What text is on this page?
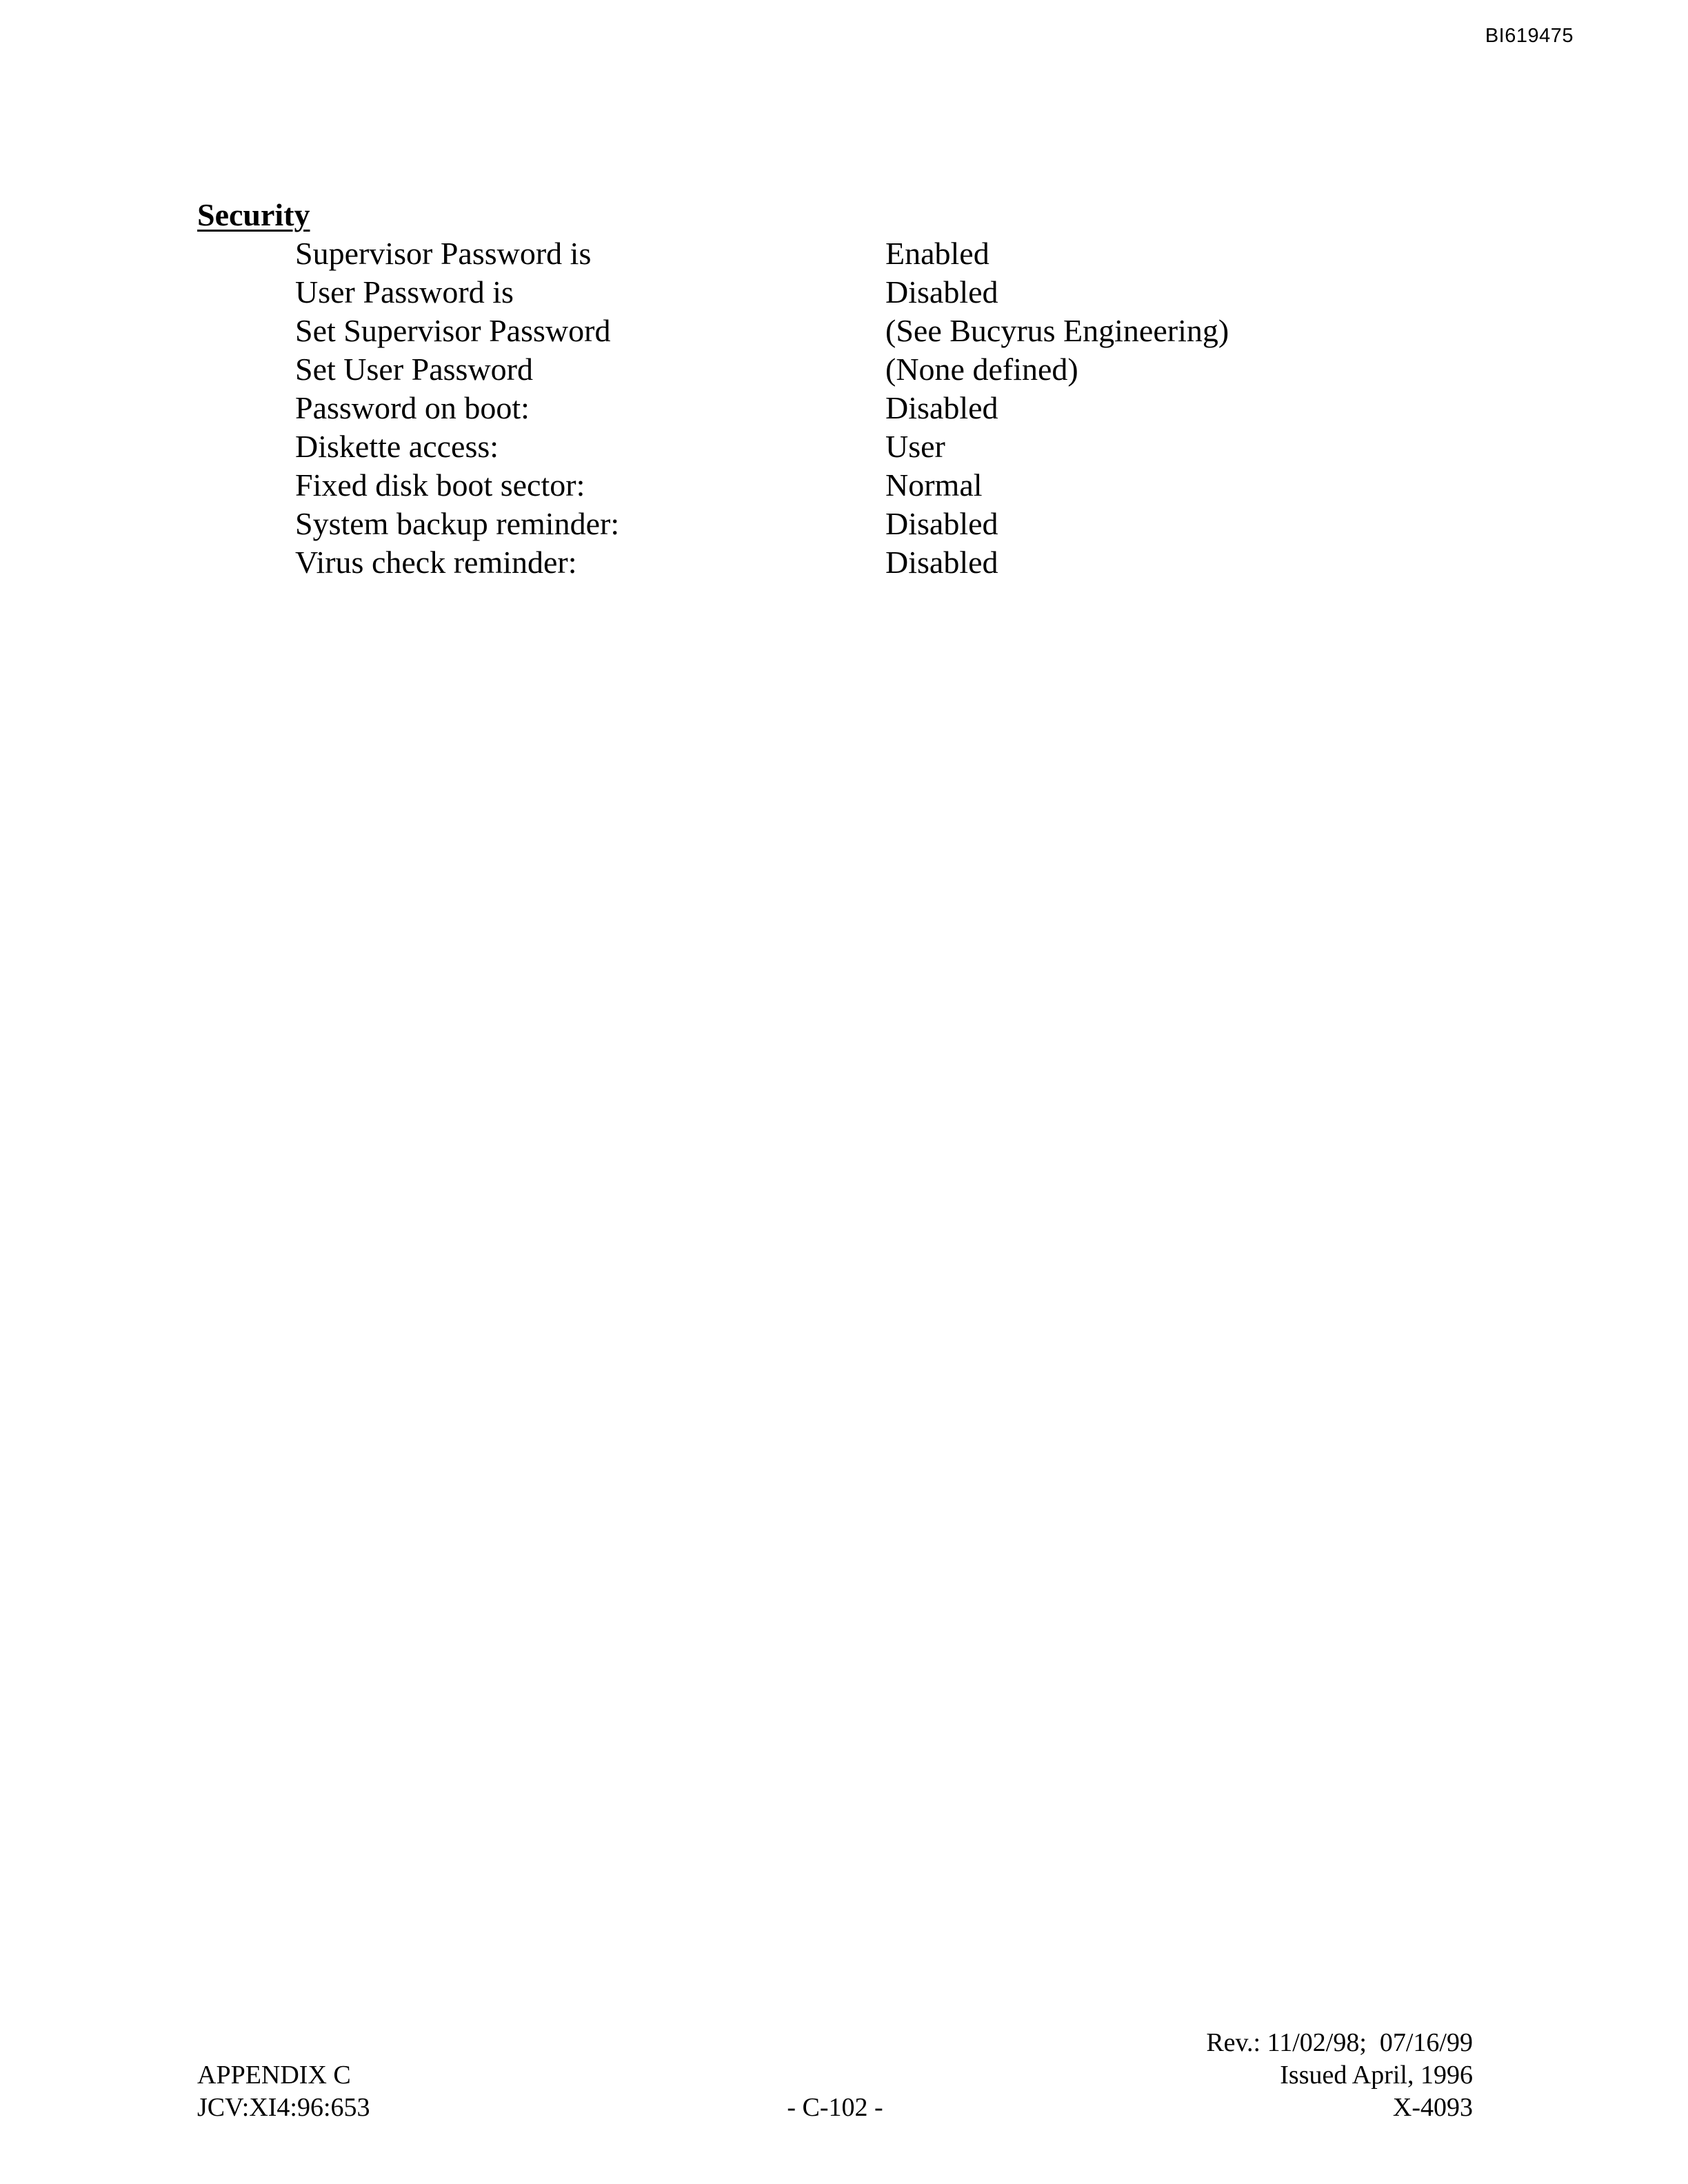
BI619475
Security
Supervisor Password is	Enabled
User Password is	Disabled
Set Supervisor Password	(See Bucyrus Engineering)
Set User Password	(None defined)
Password on boot:	Disabled
Diskette access:	User
Fixed disk boot sector:	Normal
System backup reminder:	Disabled
Virus check reminder:	Disabled
Rev.: 11/02/98;  07/16/99
Issued April, 1996
X-4093
APPENDIX C
JCV:XI4:96:653	- C-102 -
